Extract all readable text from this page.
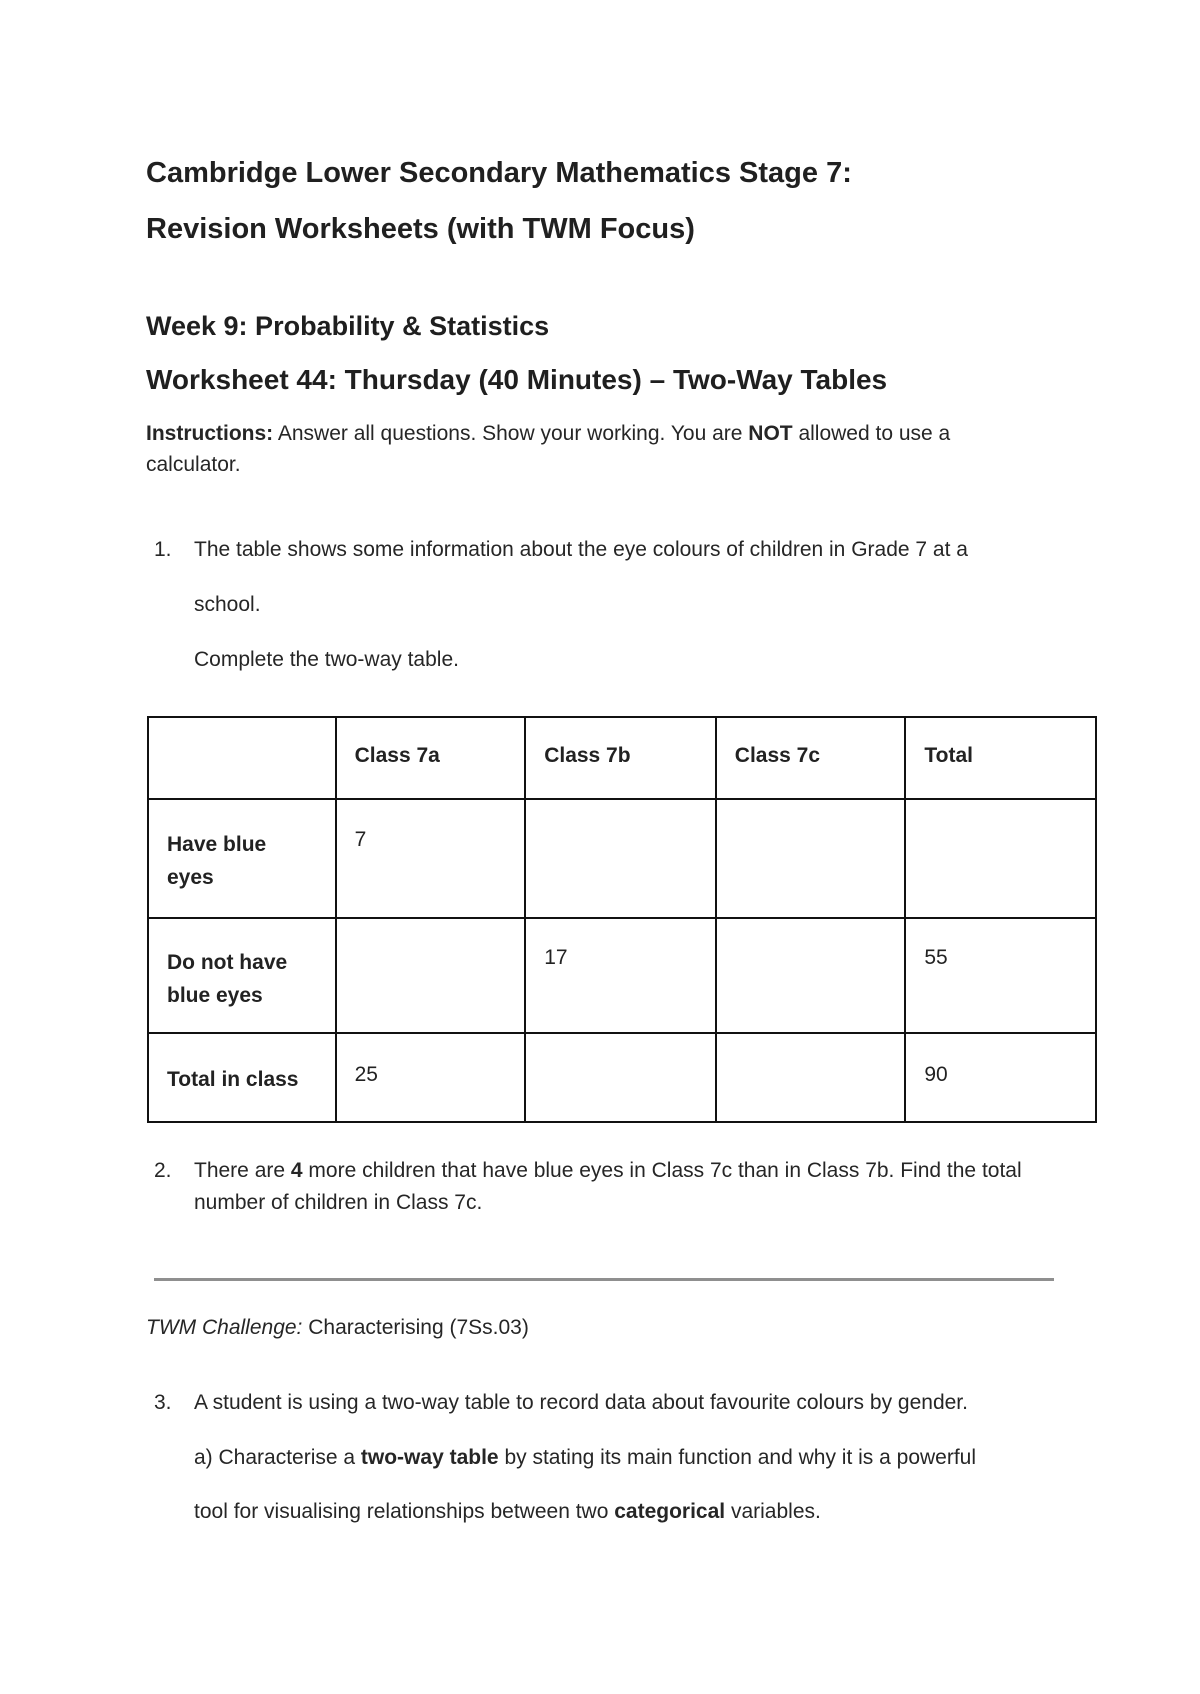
Cambridge Lower Secondary Mathematics Stage 7:
Revision Worksheets (with TWM Focus)
Week 9: Probability & Statistics
Worksheet 44: Thursday (40 Minutes) – Two-Way Tables
Instructions: Answer all questions. Show your working. You are NOT allowed to use a calculator.
1. The table shows some information about the eye colours of children in Grade 7 at a
school.
Complete the two-way table.
	Class 7a	Class 7b	Class 7c	Total
Have blue eyes	7			
Do not have blue eyes		17		55
Total in class	25			90
2. There are 4 more children that have blue eyes in Class 7c than in Class 7b. Find the total number of children in Class 7c.
TWM Challenge: Characterising (7Ss.03)
3. A student is using a two-way table to record data about favourite colours by gender.
a) Characterise a two-way table by stating its main function and why it is a powerful
tool for visualising relationships between two categorical variables.
